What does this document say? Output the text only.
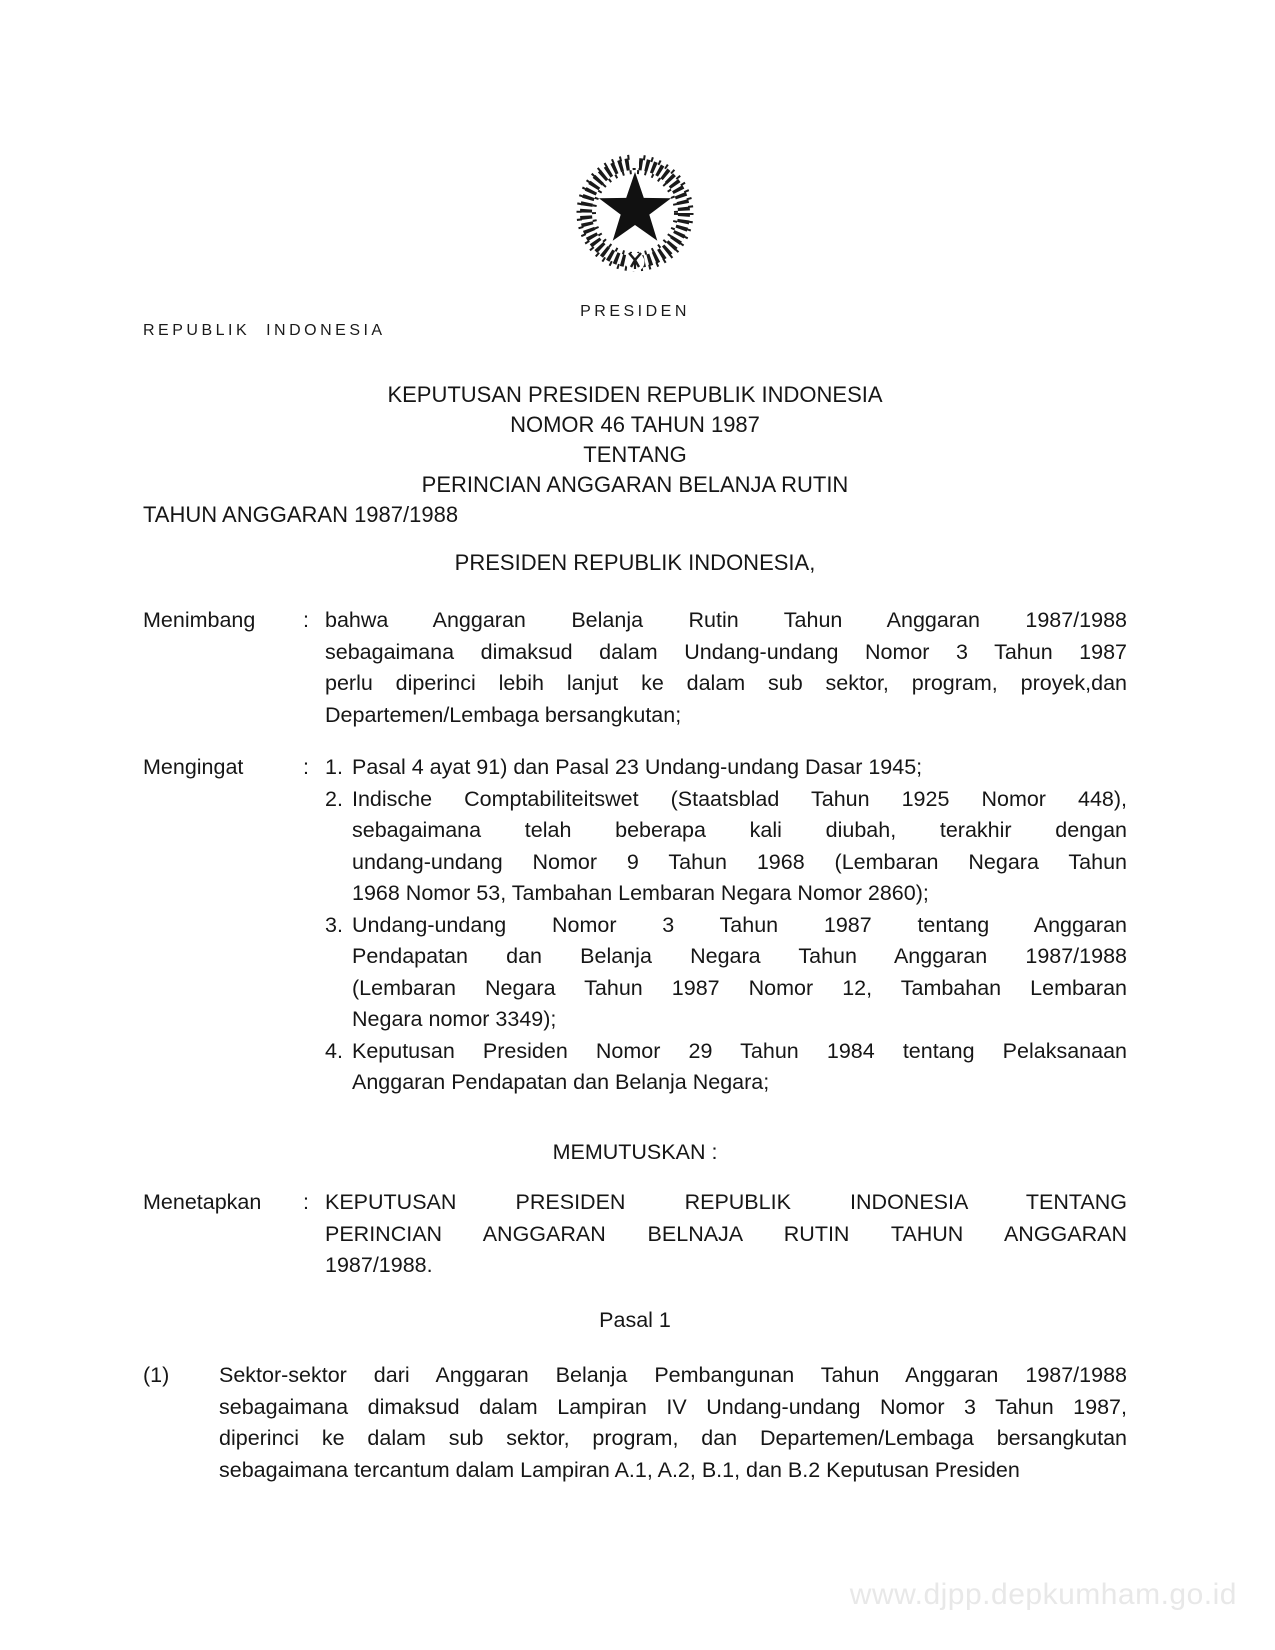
PRESIDEN
REPUBLIK INDONESIA
KEPUTUSAN PRESIDEN REPUBLIK INDONESIA
NOMOR 46 TAHUN 1987
TENTANG
PERINCIAN ANGGARAN BELANJA RUTIN
TAHUN ANGGARAN 1987/1988
PRESIDEN REPUBLIK INDONESIA,
Menimbang	: bahwa Anggaran Belanja Rutin Tahun Anggaran 1987/1988
sebagaimana dimaksud dalam Undang-undang Nomor 3 Tahun 1987
perlu diperinci lebih lanjut ke dalam sub sektor, program, proyek,dan
Departemen/Lembaga bersangkutan;
Mengingat	: 1. Pasal 4 ayat 91) dan Pasal 23 Undang-undang Dasar 1945;
2. Indische Comptabiliteitswet (Staatsblad Tahun 1925 Nomor 448),
sebagaimana telah beberapa kali diubah, terakhir dengan
undang-undang Nomor 9 Tahun 1968 (Lembaran Negara Tahun
1968 Nomor 53, Tambahan Lembaran Negara Nomor 2860);
3. Undang-undang Nomor 3 Tahun 1987 tentang Anggaran
Pendapatan dan Belanja Negara Tahun Anggaran 1987/1988
(Lembaran Negara Tahun 1987 Nomor 12, Tambahan Lembaran
Negara nomor 3349);
4. Keputusan Presiden Nomor 29 Tahun 1984 tentang Pelaksanaan
Anggaran Pendapatan dan Belanja Negara;
MEMUTUSKAN :
Menetapkan	: KEPUTUSAN PRESIDEN REPUBLIK INDONESIA TENTANG
PERINCIAN ANGGARAN BELNAJA RUTIN TAHUN ANGGARAN
1987/1988.
Pasal 1
(1)	Sektor-sektor dari Anggaran Belanja Pembangunan Tahun Anggaran 1987/1988
sebagaimana dimaksud dalam Lampiran IV Undang-undang Nomor 3 Tahun 1987,
diperinci ke dalam sub sektor, program, dan Departemen/Lembaga bersangkutan
sebagaimana tercantum dalam Lampiran A.1, A.2, B.1, dan B.2 Keputusan Presiden
www.djpp.depkumham.go.id
